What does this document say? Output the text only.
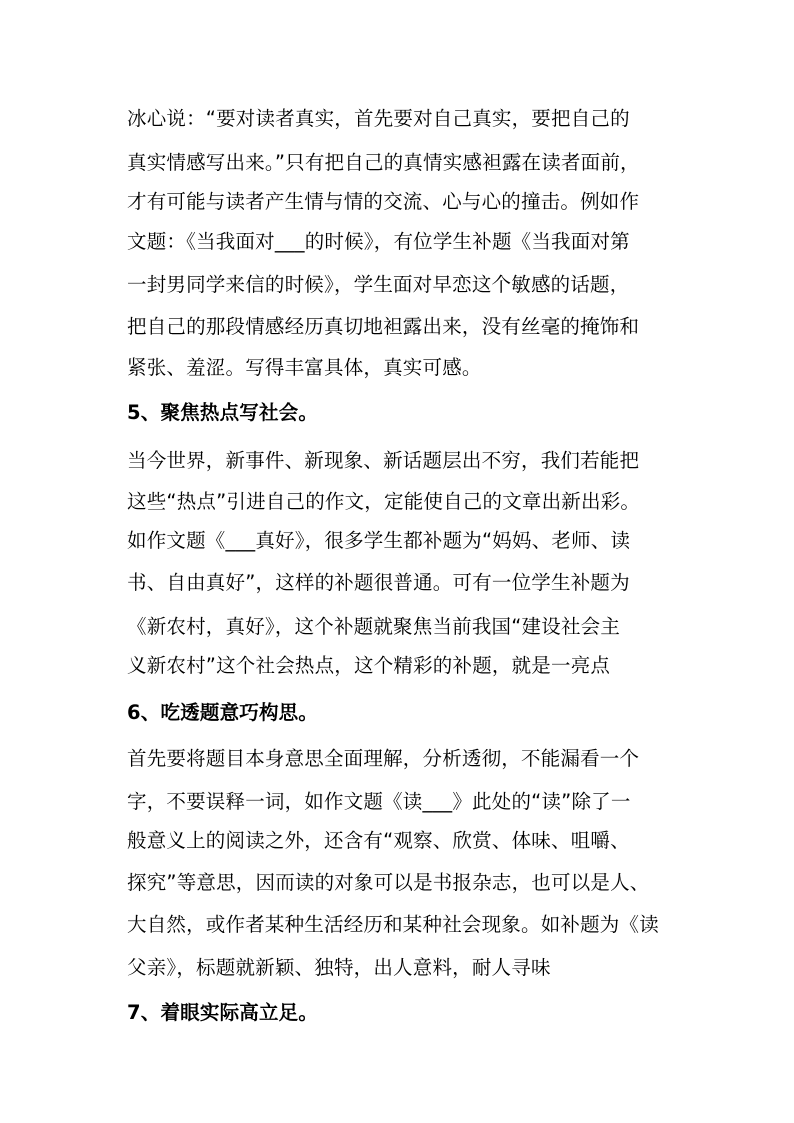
冰心说：“要对读者真实，首先要对自己真实，要把自己的
真实情感写出来。”只有把自己的真情实感袒露在读者面前，
才有可能与读者产生情与情的交流、心与心的撞击。例如作
文题：《当我面对___的时候》，有位学生补题《当我面对第
一封男同学来信的时候》，学生面对早恋这个敏感的话题，
把自己的那段情感经历真切地袒露出来，没有丝毫的掩饰和
紧张、羞涩。写得丰富具体，真实可感。
5、聚焦热点写社会。
当今世界，新事件、新现象、新话题层出不穷，我们若能把
这些“热点”引进自己的作文，定能使自己的文章出新出彩。
如作文题《___真好》，很多学生都补题为“妈妈、老师、读
书、自由真好”，这样的补题很普通。可有一位学生补题为
《新农村，真好》，这个补题就聚焦当前我国“建设社会主
义新农村”这个社会热点，这个精彩的补题，就是一亮点
6、吃透题意巧构思。
首先要将题目本身意思全面理解，分析透彻，不能漏看一个
字，不要误释一词，如作文题《读___》此处的“读”除了一
般意义上的阅读之外，还含有“观察、欣赏、体味、咀嚼、
探究”等意思，因而读的对象可以是书报杂志，也可以是人、
大自然，或作者某种生活经历和某种社会现象。如补题为《读
父亲》，标题就新颖、独特，出人意料，耐人寻味
7、着眼实际高立足。
